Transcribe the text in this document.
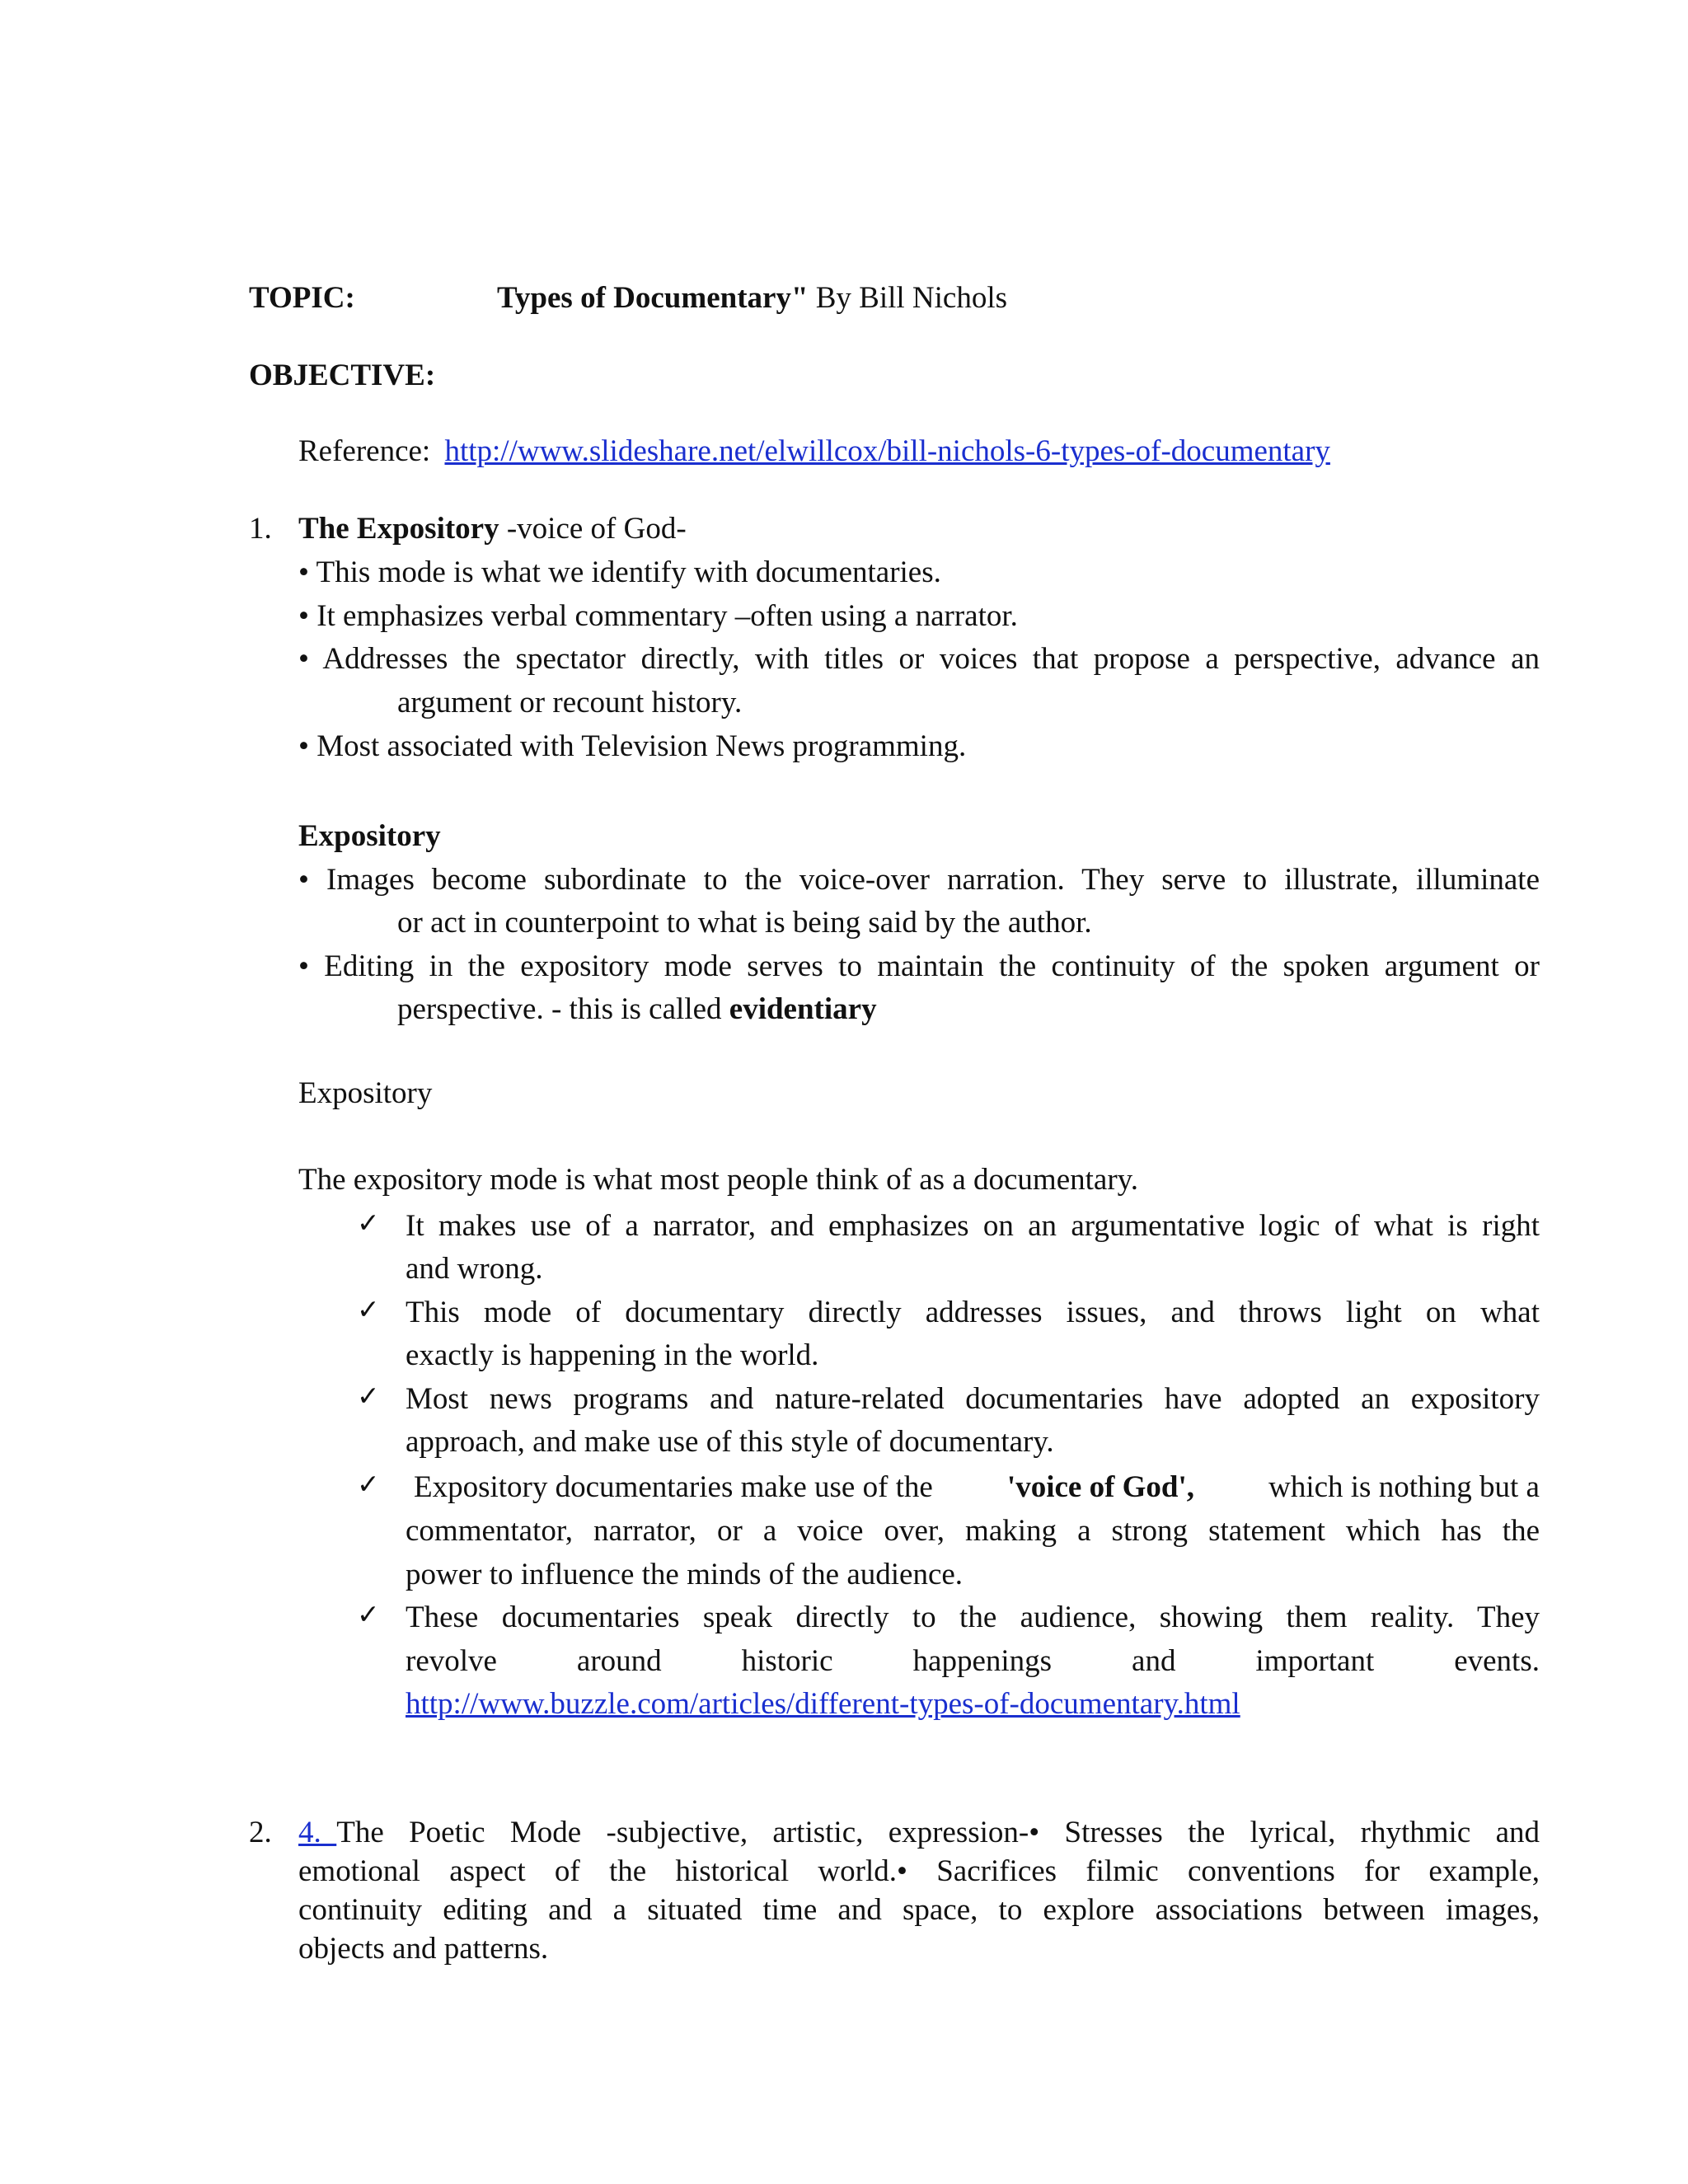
TOPIC:	Types of Documentary" By Bill Nichols
OBJECTIVE:
Reference: http://www.slideshare.net/elwillcox/bill-nichols-6-types-of-documentary
1. The Expository -voice of God-
• This mode is what we identify with documentaries.
• It emphasizes verbal commentary –often using a narrator.
• Addresses the spectator directly, with titles or voices that propose a perspective, advance an
argument or recount history.
• Most associated with Television News programming.
Expository
• Images become subordinate to the voice-over narration. They serve to illustrate, illuminate
or act in counterpoint to what is being said by the author.
• Editing in the expository mode serves to maintain the continuity of the spoken argument or
perspective. - this is called evidentiary
Expository
The expository mode is what most people think of as a documentary.
✓ It makes use of a narrator, and emphasizes on an argumentative logic of what is right
and wrong.
✓ This mode of documentary directly addresses issues, and throws light on what
exactly is happening in the world.
✓ Most news programs and nature-related documentaries have adopted an expository
approach, and make use of this style of documentary.
✓ Expository documentaries make use of the 'voice of God', which is nothing but a
commentator, narrator, or a voice over, making a strong statement which has the
power to influence the minds of the audience.
✓ These documentaries speak directly to the audience, showing them reality. They
revolve around historic happenings and important events.
http://www.buzzle.com/articles/different-types-of-documentary.html
2. 4. The Poetic Mode -subjective, artistic, expression-• Stresses the lyrical, rhythmic and
emotional aspect of the historical world.• Sacrifices filmic conventions for example,
continuity editing and a situated time and space, to explore associations between images,
objects and patterns.
